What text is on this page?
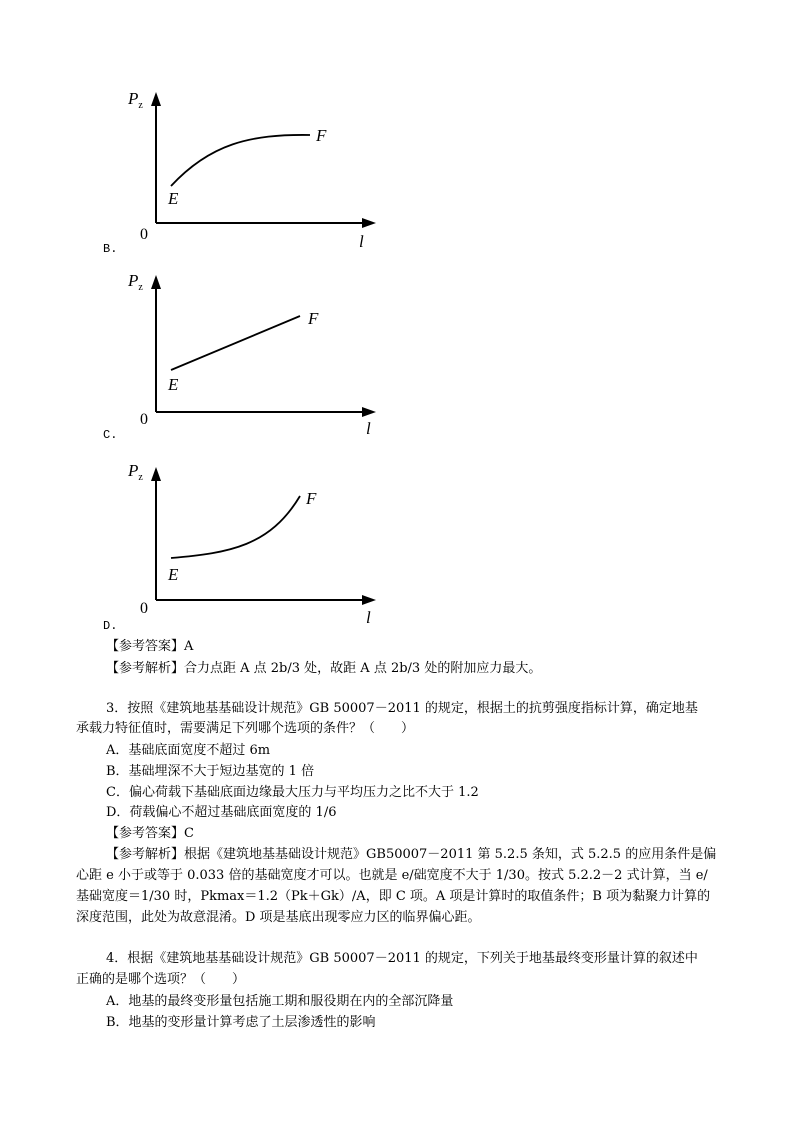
$P_z$
0	l
E
F
B.
$P_z$
0	l
E
F
C.
$P_z$
0	l
E
F
D.
【参考答案】A
【参考解析】合力点距 A 点 2b/3 处，故距 A 点 2b/3 处的附加应力最大。
3．按照《建筑地基基础设计规范》GB 50007－2011 的规定，根据土的抗剪强度指标计算，确定地基
承载力特征值时，需要满足下列哪个选项的条件？（　　）
A．基础底面宽度不超过 6m
B．基础埋深不大于短边基宽的 1 倍
C．偏心荷载下基础底面边缘最大压力与平均压力之比不大于 1.2
D．荷载偏心不超过基础底面宽度的 1/6
【参考答案】C
【参考解析】根据《建筑地基基础设计规范》GB50007－2011 第 5.2.5 条知，式 5.2.5 的应用条件是偏
心距 e 小于或等于 0.033 倍的基础宽度才可以。也就是 e/础宽度不大于 1/30。按式 5.2.2－2 式计算，当 e/
基础宽度＝1/30 时，Pkmax＝1.2（Pk＋Gk）/A，即 C 项。A 项是计算时的取值条件；B 项为黏聚力计算的
深度范围，此处为故意混淆。D 项是基底出现零应力区的临界偏心距。
4．根据《建筑地基基础设计规范》GB 50007－2011 的规定，下列关于地基最终变形量计算的叙述中
正确的是哪个选项？（　　）
A．地基的最终变形量包括施工期和服役期在内的全部沉降量
B．地基的变形量计算考虑了土层渗透性的影响
